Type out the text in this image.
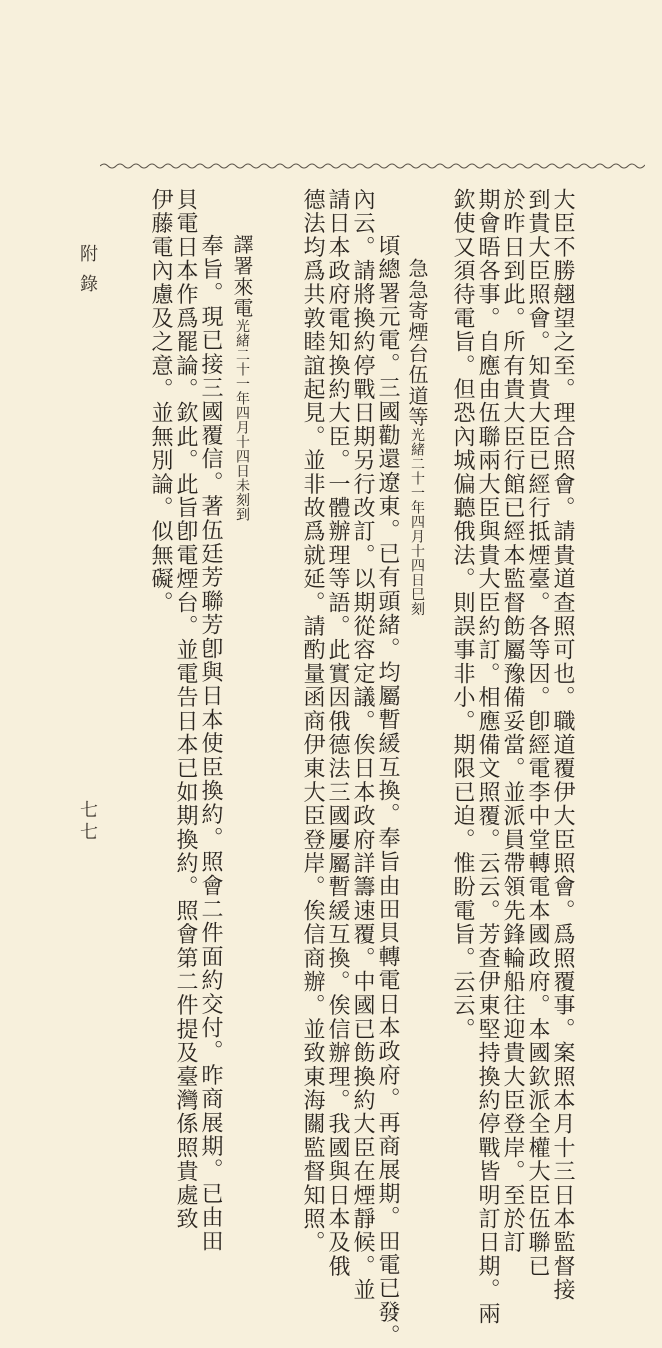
大臣不勝翹望之至。理合照會。請貴道查照可也。職道覆伊大臣照會。爲照覆事。案照本月十三日本監督接
到貴大臣照會。知貴大臣已經行抵煙臺。各等因。卽經電李中堂轉電本國政府。本國欽派全權大臣伍聯已
於昨日到此。所有貴大臣行館已經本監督飭屬豫備妥當。並派員帶領先鋒輪船往迎貴大臣登岸。至於訂
期會晤各事。自應由伍聯兩大臣與貴大臣約訂。相應備文照覆。云云。芳查伊東堅持換約停戰皆明訂日期。兩
欽使又須待電旨。但恐內城偏聽俄法。則誤事非小。期限已迫。惟盼電旨。云云。
急急寄煙台伍道等光緒二十一年四月十四日巳刻
頃總署元電。三國勸還遼東。已有頭緒。均屬暫緩互換。奉旨由田貝轉電日本政府。再商展期。田電已發。
內云。請將換約停戰日期另行改訂。以期從容定議。俟日本政府詳籌速覆。中國已飭換約大臣在煙靜候。並
請日本政府電知換約大臣。一體辦理等語。此實因俄德法三國屢屬暫緩互換。俟信辦理。我國與日本及俄
德法均爲共敦睦誼起見。並非故爲就延。請酌量函商伊東大臣登岸。俟信商辦。並致東海關監督知照。
譯署來電光緒二十一年四月十四日未刻到
奉旨。現已接三國覆信。著伍廷芳聯芳卽與日本使臣換約。照會二件面約交付。昨商展期。已由田
貝電日本作爲罷論。欽此。此旨卽電煙台。並電告日本已如期換約。照會第二件提及臺灣係照貴處致
伊藤電內慮及之意。並無別論。似無礙。
附錄
七七
